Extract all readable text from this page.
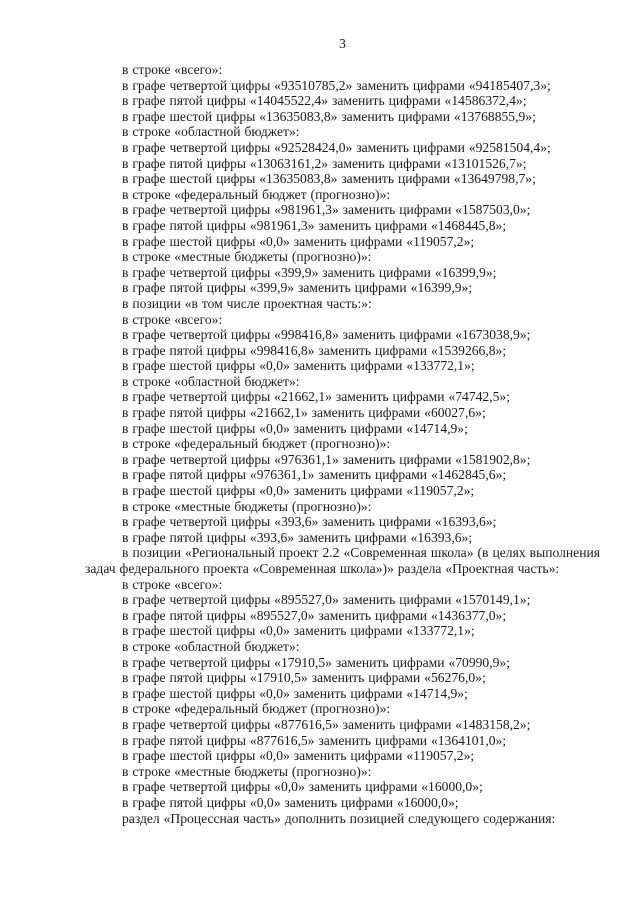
3

в строке «всего»:

в графе четвертой цифры «93510785,2» заменить цифрами «94185407,3»;

в графе пятой цифры «14045522,4» заменить цифрами «14586372,4»;

в графе шестой цифры «13635083,8» заменить цифрами «13768855,9»;

в строке «областной бюджет»:

в графе четвертой цифры «92528424,0» заменить цифрами «92581504,4»;

в графе пятой цифры «13063161,2» заменить цифрами «13101526,7»;

в графе шестой цифры «13635083,8» заменить цифрами «13649798,7»;

в строке «федеральный бюджет (прогнозно)»:

в графе четвертой цифры «981961,3» заменить цифрами «1587503,0»;

в графе пятой цифры «981961,3» заменить цифрами «1468445,8»;

в графе шестой цифры «0,0» заменить цифрами «119057,2»;

в строке «местные бюджеты (прогнозно)»:

в графе четвертой цифры «399,9» заменить цифрами «16399,9»;

в графе пятой цифры «399,9» заменить цифрами «16399,9»;

в позиции «в том числе проектная часть:»:

в строке «всего»:

в графе четвертой цифры «998416,8» заменить цифрами «1673038,9»;

в графе пятой цифры «998416,8» заменить цифрами «1539266,8»;

в графе шестой цифры «0,0» заменить цифрами «133772,1»;

в строке «областной бюджет»:

в графе четвертой цифры «21662,1» заменить цифрами «74742,5»;

в графе пятой цифры «21662,1» заменить цифрами «60027,6»;

в графе шестой цифры «0,0» заменить цифрами «14714,9»;

в строке «федеральный бюджет (прогнозно)»:

в графе четвертой цифры «976361,1» заменить цифрами «1581902,8»;

в графе пятой цифры «976361,1» заменить цифрами «1462845,6»;

в графе шестой цифры «0,0» заменить цифрами «119057,2»;

в строке «местные бюджеты (прогнозно)»:

в графе четвертой цифры «393,6» заменить цифрами «16393,6»;

в графе пятой цифры «393,6» заменить цифрами «16393,6»;

в позиции «Региональный проект 2.2 «Современная школа» (в целях выполнения задач федерального проекта «Современная школа»)» раздела «Проектная часть»:

в строке «всего»:

в графе четвертой цифры «895527,0» заменить цифрами «1570149,1»;

в графе пятой цифры «895527,0» заменить цифрами «1436377,0»;

в графе шестой цифры «0,0» заменить цифрами «133772,1»;

в строке «областной бюджет»:

в графе четвертой цифры «17910,5» заменить цифрами «70990,9»;

в графе пятой цифры «17910,5» заменить цифрами «56276,0»;

в графе шестой цифры «0,0» заменить цифрами «14714,9»;

в строке «федеральный бюджет (прогнозно)»:

в графе четвертой цифры «877616,5» заменить цифрами «1483158,2»;

в графе пятой цифры «877616,5» заменить цифрами «1364101,0»;

в графе шестой цифры «0,0» заменить цифрами «119057,2»;

в строке «местные бюджеты (прогнозно)»:

в графе четвертой цифры «0,0» заменить цифрами «16000,0»;

в графе пятой цифры «0,0» заменить цифрами «16000,0»;

раздел «Процессная часть» дополнить позицией следующего содержания:
